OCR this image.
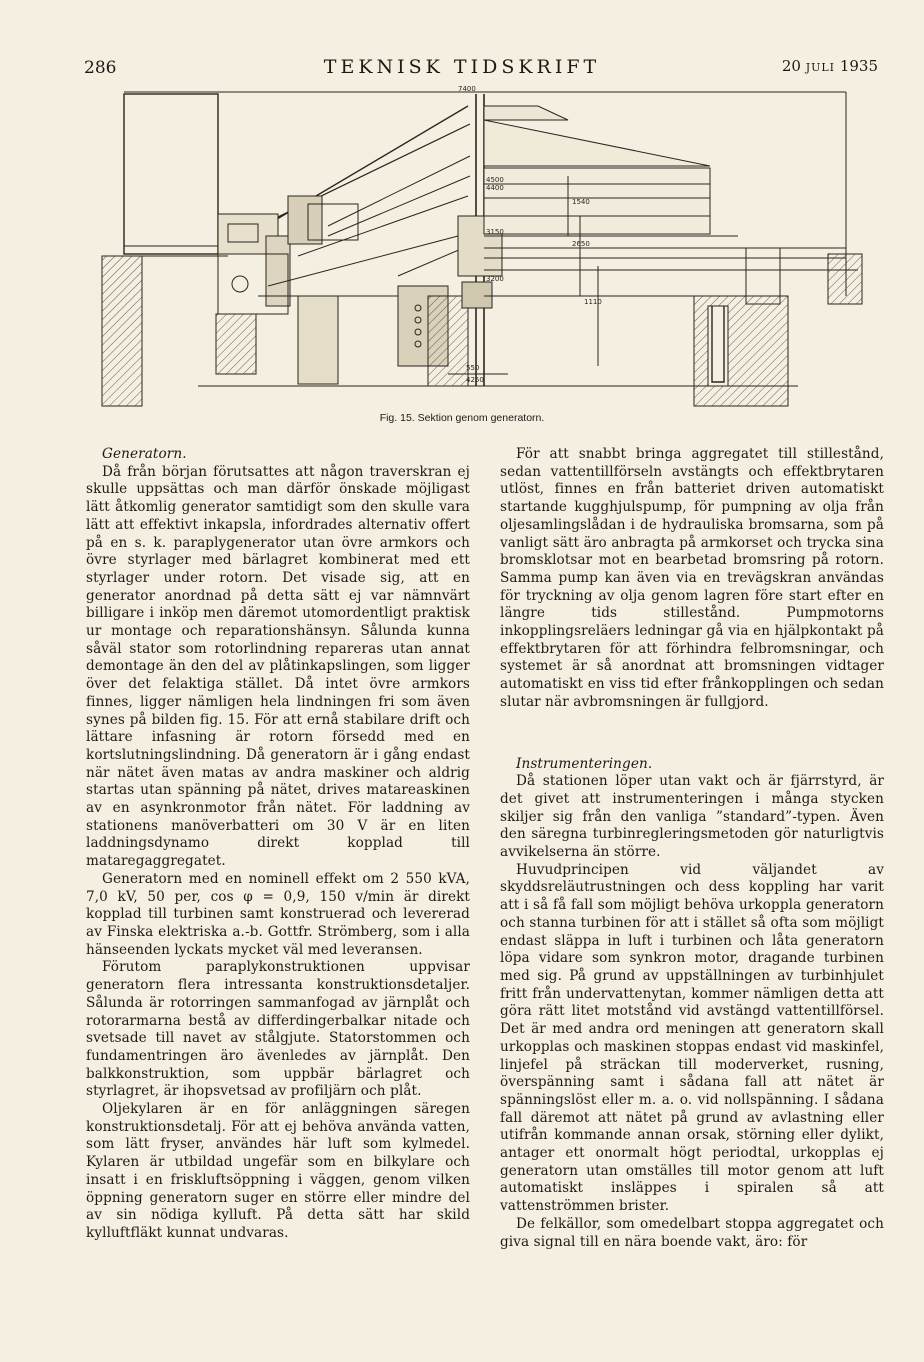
286	TEKNISK TIDSKRIFT	20 JULI 1935
7400
4500
4400
1540
2650
1110
3150
3200
550
4250
Fig. 15. Sektion genom generatorn.

Generatorn.

Då från början förutsattes att någon traverskran ej skulle uppsättas och man därför önskade möjligast lätt åtkomlig generator samtidigt som den skulle vara lätt att effektivt inkapsla, infordrades alternativ offert på en s. k. paraplygenerator utan övre armkors och övre styrlager med bärlagret kombinerat med ett styrlager under rotorn. Det visade sig, att en generator anordnad på detta sätt ej var nämnvärt billigare i inköp men däremot utomordentligt praktisk ur montage och reparationshänsyn. Sålunda kunna såväl stator som rotorlindning repareras utan annat demontage än den del av plåtinkapslingen, som ligger över det felaktiga stället. Då intet övre armkors finnes, ligger nämligen hela lindningen fri som även synes på bilden fig. 15. För att ernå stabilare drift och lättare infasning är rotorn försedd med en kortslutningslindning. Då generatorn är i gång endast när nätet även matas av andra maskiner och aldrig startas utan spänning på nätet, drives matareaskinen av en asynkronmotor från nätet. För laddning av stationens manöverbatteri om 30 V är en liten laddningsdynamo direkt kopplad till mataregaggregatet.

Generatorn med en nominell effekt om 2 550 kVA, 7,0 kV, 50 per, cos φ = 0,9, 150 v/min är direkt kopplad till turbinen samt konstruerad och levererad av Finska elektriska a.-b. Gottfr. Strömberg, som i alla hänseenden lyckats mycket väl med leveransen.

Förutom paraplykonstruktionen uppvisar generatorn flera intressanta konstruktionsdetaljer. Sålunda är rotorringen sammanfogad av järnplåt och rotorarmarna bestå av differdingerbalkar nitade och svetsade till navet av stålgjute. Statorstommen och fundamentringen äro ävenledes av järnplåt. Den balkkonstruktion, som uppbär bärlagret och styrlagret, är ihopsvetsad av profiljärn och plåt.

Oljekylaren är en för anläggningen säregen konstruktionsdetalj. För att ej behöva använda vatten, som lätt fryser, användes här luft som kylmedel. Kylaren är utbildad ungefär som en bilkylare och insatt i en friskluftsöppning i väggen, genom vilken öppning generatorn suger en större eller mindre del av sin nödiga kylluft. På detta sätt har skild kylluftfläkt kunnat undvaras.

För att snabbt bringa aggregatet till stillestånd, sedan vattentillförseln avstängts och effektbrytaren utlöst, finnes en från batteriet driven automatiskt startande kugghjulspump, för pumpning av olja från oljesamlingslådan i de hydrauliska bromsarna, som på vanligt sätt äro anbragta på armkorset och trycka sina bromsklotsar mot en bearbetad bromsring på rotorn. Samma pump kan även via en trevägskran användas för tryckning av olja genom lagren före start efter en längre tids stillestånd. Pumpmotorns inkopplingsreläers ledningar gå via en hjälpkontakt på effektbrytaren för att förhindra felbromsningar, och systemet är så anordnat att bromsningen vidtager automatiskt en viss tid efter frånkopplingen och sedan slutar när avbromsningen är fullgjord.

Instrumenteringen.

Då stationen löper utan vakt och är fjärrstyrd, är det givet att instrumenteringen i många stycken skiljer sig från den vanliga ”standard”-typen. Även den säregna turbinregleringsmetoden gör naturligtvis avvikelserna än större.

Huvudprincipen vid väljandet av skyddsreläutrustningen och dess koppling har varit att i så få fall som möjligt behöva urkoppla generatorn och stanna turbinen för att i stället så ofta som möjligt endast släppa in luft i turbinen och låta generatorn löpa vidare som synkron motor, dragande turbinen med sig. På grund av uppställningen av turbinhjulet fritt från undervattenytan, kommer nämligen detta att göra rätt litet motstånd vid avstängd vattentillförsel. Det är med andra ord meningen att generatorn skall urkopplas och maskinen stoppas endast vid maskinfel, linjefel på sträckan till moderverket, rusning, överspänning samt i sådana fall att nätet är spänningslöst eller m. a. o. vid nollspänning. I sådana fall däremot att nätet på grund av avlastning eller utifrån kommande annan orsak, störning eller dylikt, antager ett onormalt högt periodtal, urkopplas ej generatorn utan omställes till motor genom att luft automatiskt insläppes i spiralen så att vattenströmmen brister.

De felkällor, som omedelbart stoppa aggregatet och giva signal till en nära boende vakt, äro: för
